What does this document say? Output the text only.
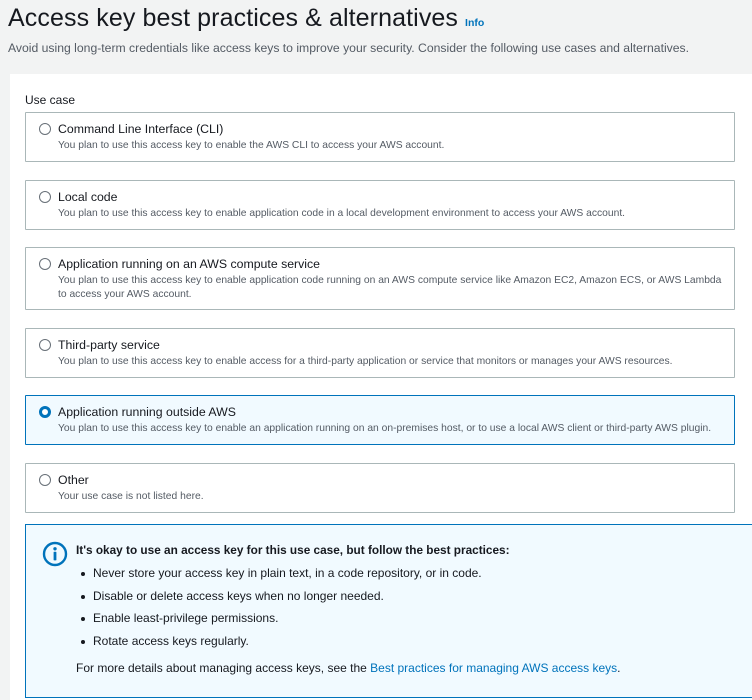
Access key best practices & alternatives Info

Avoid using long-term credentials like access keys to improve your security. Consider the following use cases and alternatives.

Use case
Command Line Interface (CLI)
You plan to use this access key to enable the AWS CLI to access your AWS account.
Local code
You plan to use this access key to enable application code in a local development environment to access your AWS account.
Application running on an AWS compute service
You plan to use this access key to enable application code running on an AWS compute service like Amazon EC2, Amazon ECS, or AWS Lambda to access your AWS account.
Third-party service
You plan to use this access key to enable access for a third-party application or service that monitors or manages your AWS resources.
Application running outside AWS
You plan to use this access key to enable an application running on an on-premises host, or to use a local AWS client or third-party AWS plugin.
Other
Your use case is not listed here.
It's okay to use an access key for this use case, but follow the best practices:
Never store your access key in plain text, in a code repository, or in code.
Disable or delete access keys when no longer needed.
Enable least-privilege permissions.
Rotate access keys regularly.
For more details about managing access keys, see the Best practices for managing AWS access keys.
